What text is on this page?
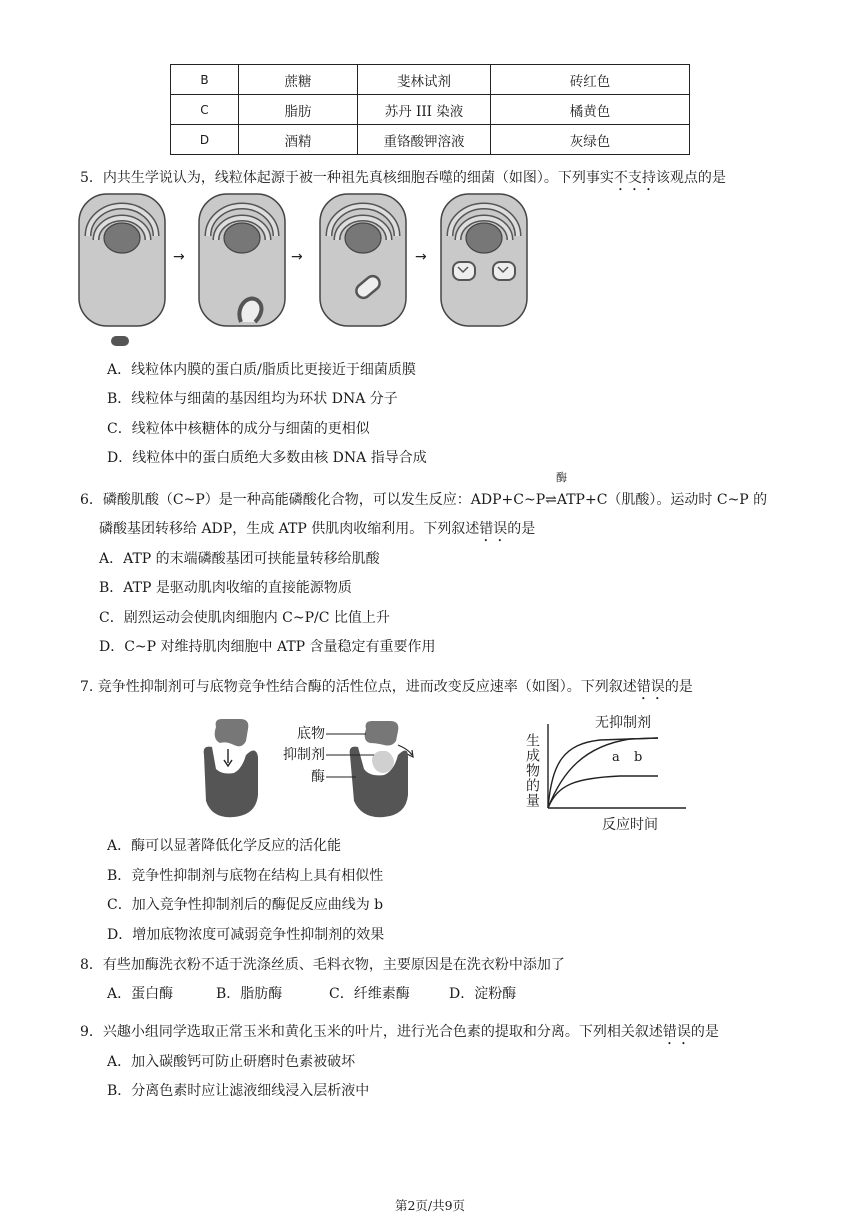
B	蔗糖	斐林试剂	砖红色
C	脂肪	苏丹 III 染液	橘黄色
D	酒精	重铬酸钾溶液	灰绿色
5．内共生学说认为，线粒体起源于被一种祖先真核细胞吞噬的细菌（如图）。下列事实不支持该观点的是
→	→	→
A．线粒体内膜的蛋白质/脂质比更接近于细菌质膜
B．线粒体与细菌的基因组均为环状 DNA 分子
C．线粒体中核糖体的成分与细菌的更相似
D．线粒体中的蛋白质绝大多数由核 DNA 指导合成
酶
6．磷酸肌酸（C~P）是一种高能磷酸化合物，可以发生反应：ADP+C~P⇌ATP+C（肌酸）。运动时 C~P 的
磷酸基团转移给 ADP，生成 ATP 供肌肉收缩利用。下列叙述错误的是
A．ATP 的末端磷酸基团可挟能量转移给肌酸
B．ATP 是驱动肌肉收缩的直接能源物质
C．剧烈运动会使肌肉细胞内 C~P/C 比值上升
D．C~P 对维持肌肉细胞中 ATP 含量稳定有重要作用
7. 竞争性抑制剂可与底物竞争性结合酶的活性位点，进而改变反应速率（如图）。下列叙述错误的是
底物
抑制剂
酶
无抑制剂
a b
生成物的量
反应时间
A．酶可以显著降低化学反应的活化能
B．竞争性抑制剂与底物在结构上具有相似性
C．加入竞争性抑制剂后的酶促反应曲线为 b
D．增加底物浓度可减弱竞争性抑制剂的效果
8．有些加酶洗衣粉不适于洗涤丝质、毛料衣物，主要原因是在洗衣粉中添加了
A．蛋白酶	B．脂肪酶	C．纤维素酶	D．淀粉酶
9．兴趣小组同学选取正常玉米和黄化玉米的叶片，进行光合色素的提取和分离。下列相关叙述错误的是
A．加入碳酸钙可防止研磨时色素被破坏
B．分离色素时应让滤液细线浸入层析液中
第2页/共9页
